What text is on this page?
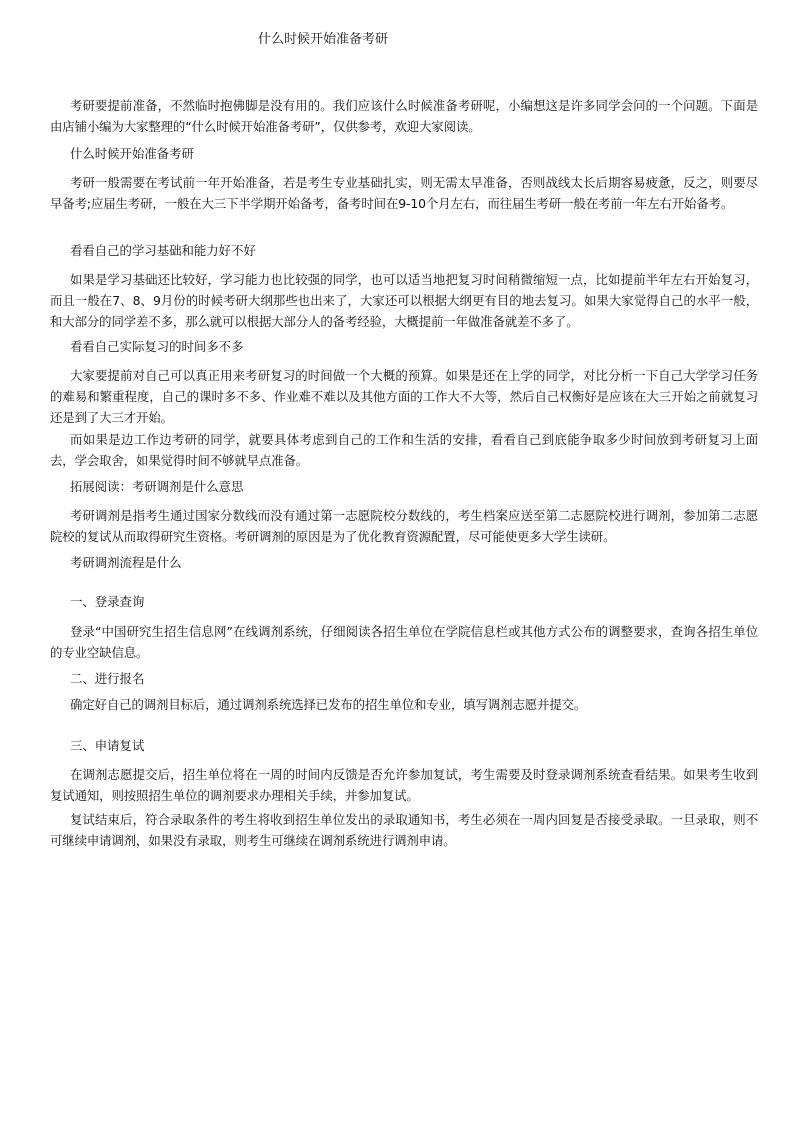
什么时候开始准备考研
考研要提前准备，不然临时抱佛脚是没有用的。我们应该什么时候准备考研呢，小编想这是许多同学会问的一个问题。下面是由店铺小编为大家整理的“什么时候开始准备考研”，仅供参考，欢迎大家阅读。
什么时候开始准备考研
考研一般需要在考试前一年开始准备，若是考生专业基础扎实，则无需太早准备，否则战线太长后期容易疲惫，反之，则要尽早备考;应届生考研，一般在大三下半学期开始备考，备考时间在9-10个月左右，而往届生考研一般在考前一年左右开始备考。
看看自己的学习基础和能力好不好
如果是学习基础还比较好，学习能力也比较强的同学，也可以适当地把复习时间稍微缩短一点，比如提前半年左右开始复习，而且一般在7、8、9月份的时候考研大纲那些也出来了，大家还可以根据大纲更有目的地去复习。如果大家觉得自己的水平一般，和大部分的同学差不多，那么就可以根据大部分人的备考经验，大概提前一年做准备就差不多了。
看看自己实际复习的时间多不多
大家要提前对自己可以真正用来考研复习的时间做一个大概的预算。如果是还在上学的同学，对比分析一下自己大学学习任务的难易和繁重程度，自己的课时多不多、作业难不难以及其他方面的工作大不大等，然后自己权衡好是应该在大三开始之前就复习还是到了大三才开始。
而如果是边工作边考研的同学，就要具体考虑到自己的工作和生活的安排，看看自己到底能争取多少时间放到考研复习上面去，学会取舍，如果觉得时间不够就早点准备。
拓展阅读：考研调剂是什么意思
考研调剂是指考生通过国家分数线而没有通过第一志愿院校分数线的，考生档案应送至第二志愿院校进行调剂，参加第二志愿院校的复试从而取得研究生资格。考研调剂的原因是为了优化教育资源配置，尽可能使更多大学生读研。
考研调剂流程是什么
一、登录查询
登录“中国研究生招生信息网”在线调剂系统，仔细阅读各招生单位在学院信息栏或其他方式公布的调整要求，查询各招生单位的专业空缺信息。
二、进行报名
确定好自己的调剂目标后，通过调剂系统选择已发布的招生单位和专业，填写调剂志愿并提交。
三、申请复试
在调剂志愿提交后，招生单位将在一周的时间内反馈是否允许参加复试，考生需要及时登录调剂系统查看结果。如果考生收到复试通知，则按照招生单位的调剂要求办理相关手续，并参加复试。
复试结束后，符合录取条件的考生将收到招生单位发出的录取通知书，考生必须在一周内回复是否接受录取。一旦录取，则不可继续申请调剂，如果没有录取，则考生可继续在调剂系统进行调剂申请。
